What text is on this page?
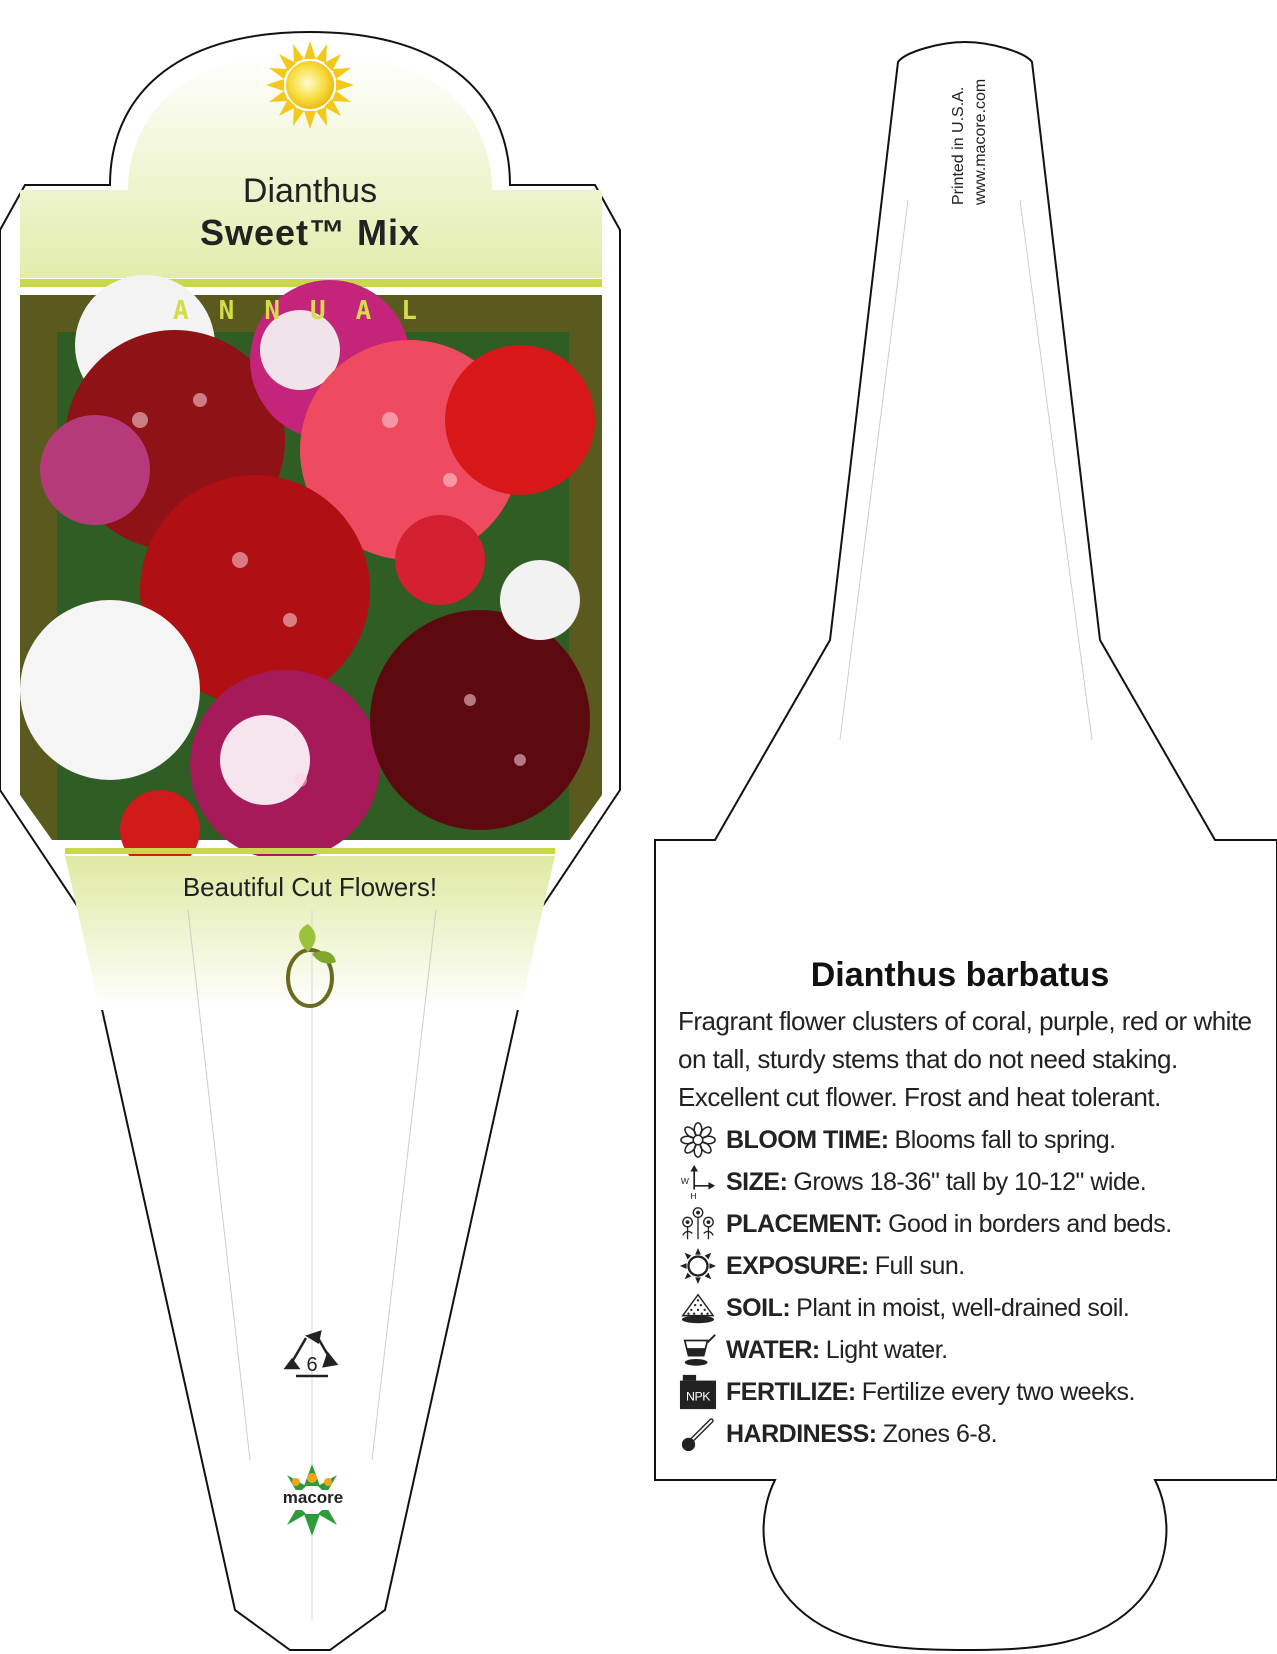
Dianthus
Sweet™ Mix
ANNUAL
Beautiful Cut Flowers!
6
macore
Printed in U.S.A. www.macore.com
Dianthus barbatus
Fragrant flower clusters of coral, purple, red or white on tall, sturdy stems that do not need staking. Excellent cut flower. Frost and heat tolerant.
BLOOM TIME: Blooms fall to spring.
W
H
SIZE: Grows 18-36" tall by 10-12" wide.
PLACEMENT: Good in borders and beds.
EXPOSURE: Full sun.
SOIL: Plant in moist, well-drained soil.
WATER: Light water.
NPK FERTILIZE: Fertilize every two weeks.
HARDINESS: Zones 6-8.
